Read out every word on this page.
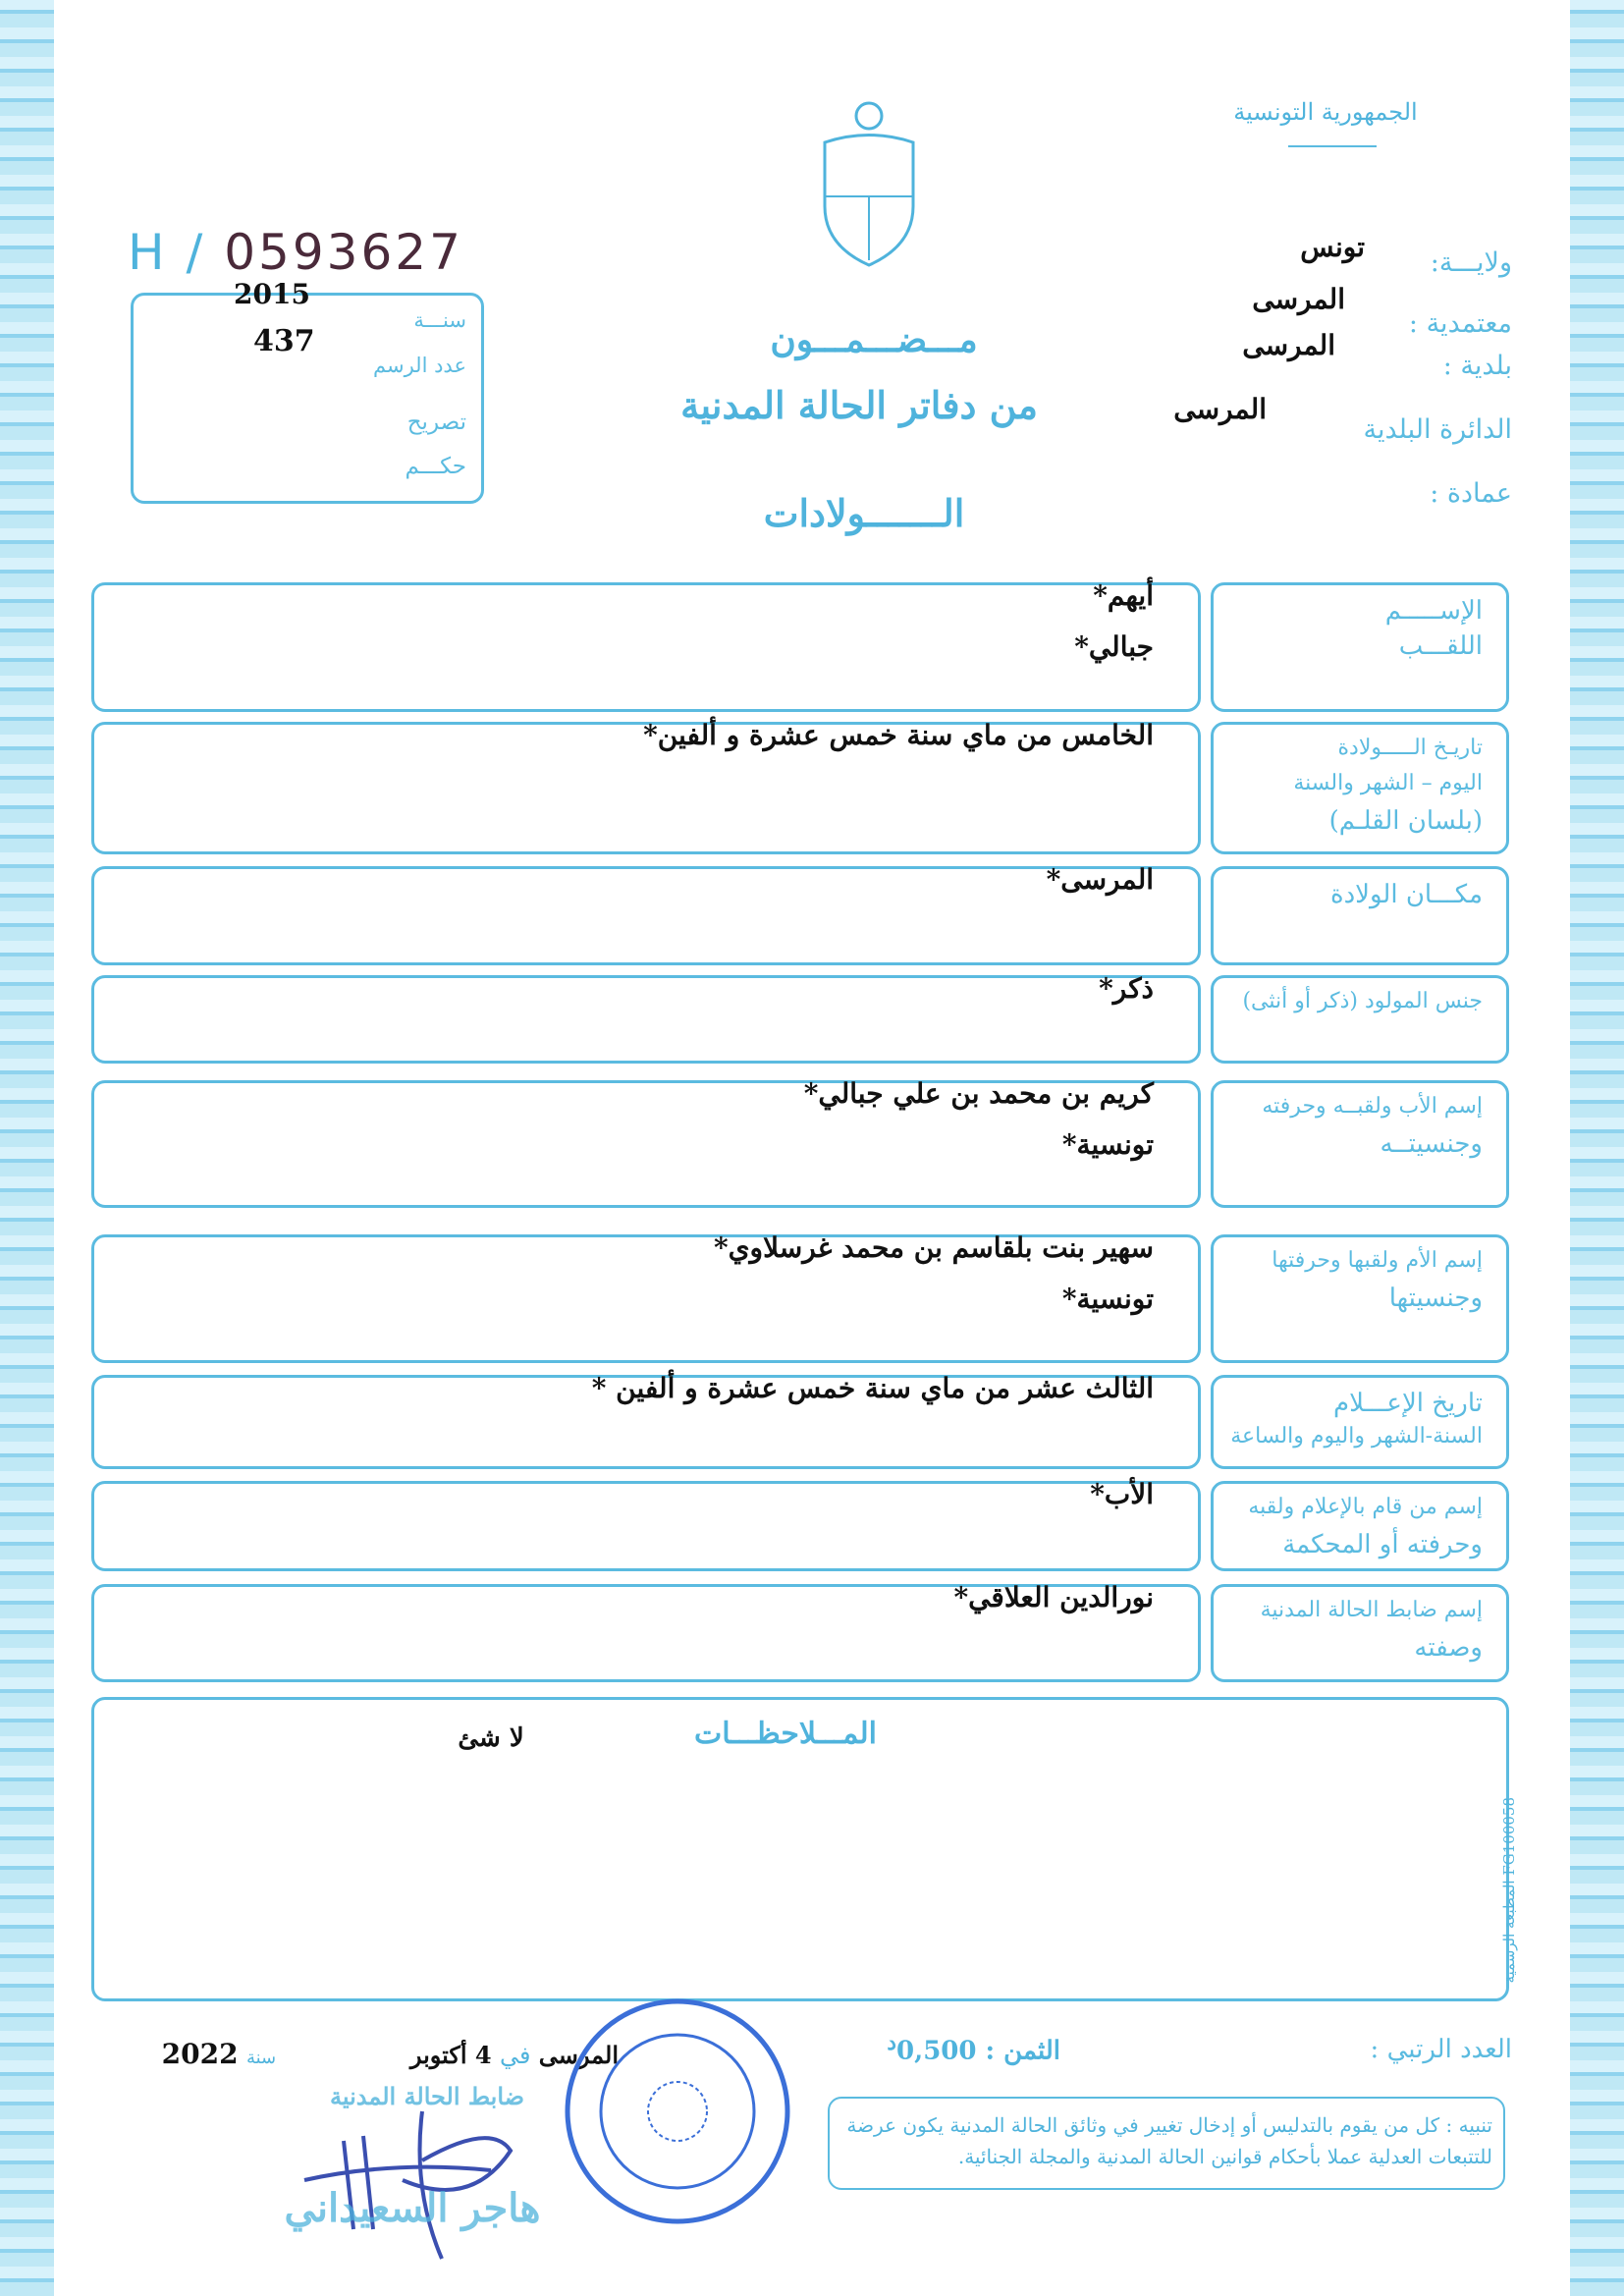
الجمهورية التونسية
H / 0593627
2015
437
سنـــة
عدد الرسم
تصريح
حكـــم
ولايـــة:
تونس
معتمدية :
المرسى
بلدية :
المرسى
الدائرة البلدية
المرسى
عمادة :
مـــضـــمـــون
من دفاتر الحالة المدنية
الـــــــولادات
الإســـــم
اللقـــب
أيهم*
جبالي*
تاريـخ الـــــولادة
اليوم – الشهر والسنة
(بلسان القلـم)
الخامس من ماي سنة خمس عشرة و ألفين*
مكـــان الولادة
المرسى*
جنس المولود (ذكر أو أنثى)
ذكر*
إسم الأب ولقبــه وحرفته
وجنسيتــه
كريم بن محمد بن علي جبالي*
تونسية*
إسم الأم ولقبها وحرفتها
وجنسيتها
سهير بنت بلقاسم بن محمد غرسلاوي*
تونسية*
تاريخ الإعـــلام
السنة-الشهر واليوم والساعة
الثالث عشر من ماي سنة خمس عشرة و ألفين *
إسم من قام بالإعلام ولقبه
وحرفته أو المحكمة
الأب*
إسم ضابط الحالة المدنية
وصفته
نورالدين العلاقي*
المـــلاحظـــات
لا شئ
المطبعة الرسمية FG100058
العدد الرتبي :
الثمن : $0,500^د$
المرسى في 4 أكتوبر  سنة 2022
ضابط الحالة المدنية
هاجر السعيداني
تنبيه : كل من يقوم بالتدليس أو إدخال تغيير في وثائق الحالة المدنية يكون عرضة للتتبعات العدلية عملا بأحكام قوانين الحالة المدنية والمجلة الجنائية.
